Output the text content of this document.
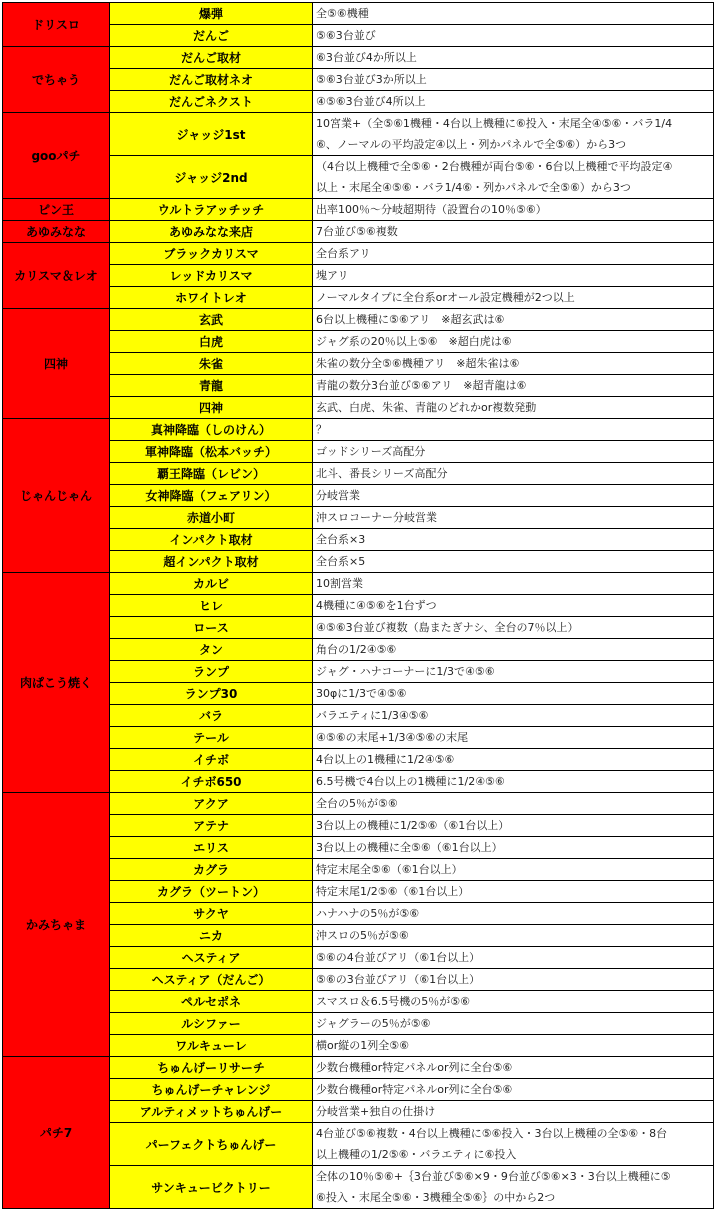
ドリスロ	爆弾	全⑤⑥機種
	だんご	⑤⑥3台並び
でちゃう	だんご取材	⑥3台並び4か所以上
	だんご取材ネオ	⑤⑥3台並び3か所以上
	だんごネクスト	④⑤⑥3台並び4所以上
gooパチ	ジャッジ1st	10宮業+（全⑤⑥1機種・4台以上機種に⑥投入・末尾全④⑤⑥・バラ1/4
⑥、ノーマルの平均設定④以上・列かパネルで全⑤⑥）から3つ

	ジャッジ2nd	（4台以上機種で全⑤⑥・2台機種が両台⑤⑥・6台以上機種で平均設定④
以上・末尾全④⑤⑥・バラ1/4⑥・列かパネルで全⑤⑥）から3つ

ピン王	ウルトラアッチッチ	出率100％～分岐超期待（設置台の10％⑤⑥）
あゆみなな	あゆみなな来店	7台並び⑤⑥複数
カリスマ＆レオ	ブラックカリスマ	全台系アリ
	レッドカリスマ	塊アリ
	ホワイトレオ	ノーマルタイプに全台系orオール設定機種が2つ以上
四神	玄武	6台以上機種に⑤⑥アリ　※超玄武は⑥
	白虎	ジャグ系の20％以上⑤⑥　※超白虎は⑥
	朱雀	朱雀の数分全⑤⑥機種アリ　※超朱雀は⑥
	青龍	青龍の数分3台並び⑤⑥アリ　※超青龍は⑥
	四神	玄武、白虎、朱雀、青龍のどれかor複数発動
じゃんじゃん	真神降臨（しのけん）	？
	軍神降臨（松本バッチ）	ゴッドシリーズ高配分
	覇王降臨（レビン）	北斗、番長シリーズ高配分
	女神降臨（フェアリン）	分岐営業
	赤道小町	沖スロコーナー分岐営業
	インパクト取材	全台系×3
	超インパクト取材	全台系×5
肉ぱこう焼く	カルビ	10割営業
	ヒレ	4機種に④⑤⑥を1台ずつ
	ロース	④⑤⑥3台並び複数（島またぎナシ、全台の7％以上）
	タン	角台の1/2④⑤⑥
	ランプ	ジャグ・ハナコーナーに1/3で④⑤⑥
	ランプ30	30φに1/3で④⑤⑥
	バラ	バラエティに1/3④⑤⑥
	テール	④⑤⑥の末尾+1/3④⑤⑥の末尾
	イチボ	4台以上の1機種に1/2④⑤⑥
	イチボ650	6.5号機で4台以上の1機種に1/2④⑤⑥
かみちゃま	アクア	全台の5％が⑤⑥
	アテナ	3台以上の機種に1/2⑤⑥（⑥1台以上）
	エリス	3台以上の機種に全⑤⑥（⑥1台以上）
	カグラ	特定末尾全⑤⑥（⑥1台以上）
	カグラ（ツートン）	特定末尾1/2⑤⑥（⑥1台以上）
	サクヤ	ハナハナの5％が⑤⑥
	ニカ	沖スロの5％が⑤⑥
	ヘスティア	⑤⑥の4台並びアリ（⑥1台以上）
	ヘスティア（だんご）	⑤⑥の3台並びアリ（⑥1台以上）
	ペルセポネ	スマスロ＆6.5号機の5％が⑤⑥
	ルシファー	ジャグラーの5％が⑤⑥
	ワルキューレ	横or縦の1列全⑤⑥
パチ7	ちゅんげーリサーチ	少数台機種or特定パネルor列に全台⑤⑥
	ちゅんげーチャレンジ	少数台機種or特定パネルor列に全台⑤⑥
	アルティメットちゅんげー	分岐営業+独自の仕掛け
	パーフェクトちゅんげー	4台並び⑤⑥複数・4台以上機種に⑤⑥投入・3台以上機種の全⑤⑥・8台
以上機種の1/2⑤⑥・バラエティに⑥投入

	サンキュービクトリー	全体の10％⑤⑥+｛3台並び⑤⑥×9・9台並び⑤⑥×3・3台以上機種に⑤
⑥投入・末尾全⑤⑥・3機種全⑤⑥｝の中から2つ
